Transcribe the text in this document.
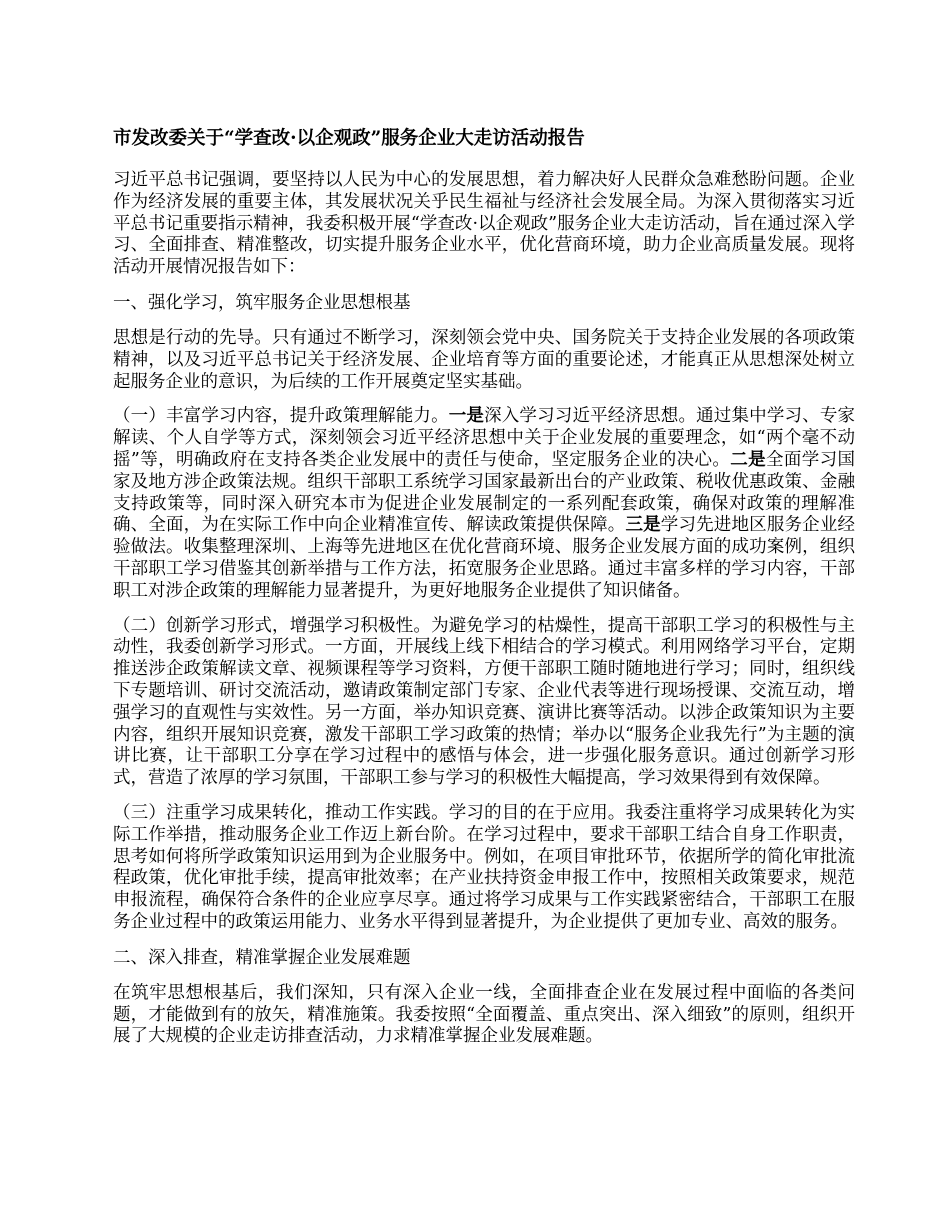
市发改委关于“学查改·以企观政”服务企业大走访活动报告

习近平总书记强调，要坚持以人民为中心的发展思想，着力解决好人民群众急难愁盼问题。企业作为经济发展的重要主体，其发展状况关乎民生福祉与经济社会发展全局。为深入贯彻落实习近平总书记重要指示精神，我委积极开展“学查改·以企观政”服务企业大走访活动，旨在通过深入学习、全面排查、精准整改，切实提升服务企业水平，优化营商环境，助力企业高质量发展。现将活动开展情况报告如下：

一、强化学习，筑牢服务企业思想根基

思想是行动的先导。只有通过不断学习，深刻领会党中央、国务院关于支持企业发展的各项政策精神，以及习近平总书记关于经济发展、企业培育等方面的重要论述，才能真正从思想深处树立起服务企业的意识，为后续的工作开展奠定坚实基础。

（一）丰富学习内容，提升政策理解能力。一是深入学习习近平经济思想。通过集中学习、专家解读、个人自学等方式，深刻领会习近平经济思想中关于企业发展的重要理念，如“两个毫不动摇”等，明确政府在支持各类企业发展中的责任与使命，坚定服务企业的决心。二是全面学习国家及地方涉企政策法规。组织干部职工系统学习国家最新出台的产业政策、税收优惠政策、金融支持政策等，同时深入研究本市为促进企业发展制定的一系列配套政策，确保对政策的理解准确、全面，为在实际工作中向企业精准宣传、解读政策提供保障。三是学习先进地区服务企业经验做法。收集整理深圳、上海等先进地区在优化营商环境、服务企业发展方面的成功案例，组织干部职工学习借鉴其创新举措与工作方法，拓宽服务企业思路。通过丰富多样的学习内容，干部职工对涉企政策的理解能力显著提升，为更好地服务企业提供了知识储备。

（二）创新学习形式，增强学习积极性。为避免学习的枯燥性，提高干部职工学习的积极性与主动性，我委创新学习形式。一方面，开展线上线下相结合的学习模式。利用网络学习平台，定期推送涉企政策解读文章、视频课程等学习资料，方便干部职工随时随地进行学习；同时，组织线下专题培训、研讨交流活动，邀请政策制定部门专家、企业代表等进行现场授课、交流互动，增强学习的直观性与实效性。另一方面，举办知识竞赛、演讲比赛等活动。以涉企政策知识为主要内容，组织开展知识竞赛，激发干部职工学习政策的热情；举办以“服务企业我先行”为主题的演讲比赛，让干部职工分享在学习过程中的感悟与体会，进一步强化服务意识。通过创新学习形式，营造了浓厚的学习氛围，干部职工参与学习的积极性大幅提高，学习效果得到有效保障。

（三）注重学习成果转化，推动工作实践。学习的目的在于应用。我委注重将学习成果转化为实际工作举措，推动服务企业工作迈上新台阶。在学习过程中，要求干部职工结合自身工作职责，思考如何将所学政策知识运用到为企业服务中。例如，在项目审批环节，依据所学的简化审批流程政策，优化审批手续，提高审批效率；在产业扶持资金申报工作中，按照相关政策要求，规范申报流程，确保符合条件的企业应享尽享。通过将学习成果与工作实践紧密结合，干部职工在服务企业过程中的政策运用能力、业务水平得到显著提升，为企业提供了更加专业、高效的服务。

二、深入排查，精准掌握企业发展难题

在筑牢思想根基后，我们深知，只有深入企业一线，全面排查企业在发展过程中面临的各类问题，才能做到有的放矢，精准施策。我委按照“全面覆盖、重点突出、深入细致”的原则，组织开展了大规模的企业走访排查活动，力求精准掌握企业发展难题。
